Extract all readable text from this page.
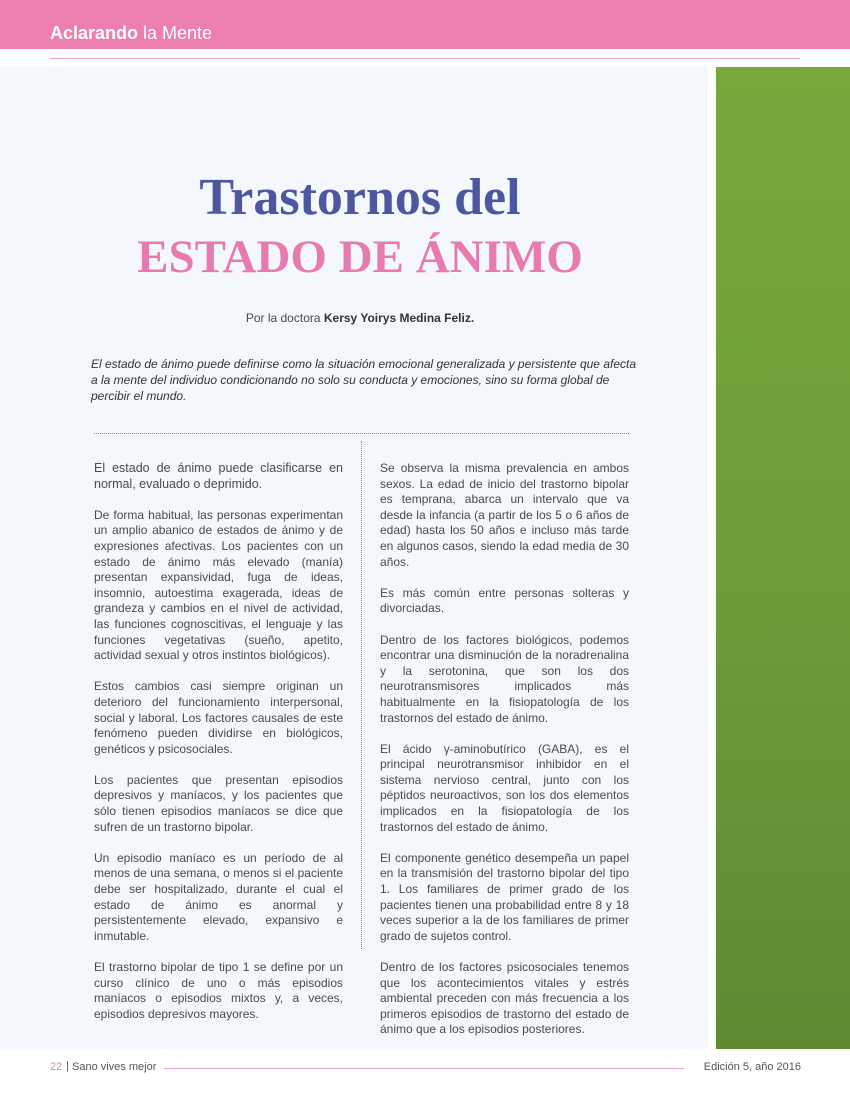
Aclarando la Mente
Trastornos del
ESTADO DE ÁNIMO
Por la doctora Kersy Yoirys Medina Feliz.

El estado de ánimo puede definirse como la situación emocional generalizada y persistente que afecta a la mente del individuo condicionando no solo su conducta y emociones, sino su forma global de percibir el mundo.

El estado de ánimo puede clasificarse en normal, evaluado o deprimido.

De forma habitual, las personas experimentan un amplio abanico de estados de ánimo y de expresiones afectivas. Los pacientes con un estado de ánimo más elevado (manía) presentan expansividad, fuga de ideas, insomnio, autoestima exagerada, ideas de grandeza y cambios en el nivel de actividad, las funciones cognoscitivas, el lenguaje y las funciones vegetativas (sueño, apetito, actividad sexual y otros instintos biológicos).

Estos cambios casi siempre originan un deterioro del funcionamiento interpersonal, social y laboral. Los factores causales de este fenómeno pueden dividirse en biológicos, genéticos y psicosociales.

Los pacientes que presentan episodios depresivos y maníacos, y los pacientes que sólo tienen episodios maníacos se dice que sufren de un trastorno bipolar.

Un episodio maníaco es un período de al menos de una semana, o menos si el paciente debe ser hospitalizado, durante el cual el estado de ánimo es anormal y persistentemente elevado, expansivo e inmutable.

El trastorno bipolar de tipo 1 se define por un curso clínico de uno o más episodios maníacos o episodios mixtos y, a veces, episodios depresivos mayores.

Se observa la misma prevalencia en ambos sexos. La edad de inicio del trastorno bipolar es temprana, abarca un intervalo que va desde la infancia (a partir de los 5 o 6 años de edad) hasta los 50 años e incluso más tarde en algunos casos, siendo la edad media de 30 años.

Es más común entre personas solteras y divorciadas.

Dentro de los factores biológicos, podemos encontrar una disminución de la noradrenalina y la serotonina, que son los dos neurotransmisores implicados más habitualmente en la fisiopatología de los trastornos del estado de ánimo.

El ácido γ-aminobutírico (GABA), es el principal neurotransmisor inhibidor en el sistema nervioso central, junto con los péptidos neuroactivos, son los dos elementos implicados en la fisiopatología de los trastornos del estado de ánimo.

El componente genético desempeña un papel en la transmisión del trastorno bipolar del tipo 1. Los familiares de primer grado de los pacientes tienen una probabilidad entre 8 y 18 veces superior a la de los familiares de primer grado de sujetos control.

Dentro de los factores psicosociales tenemos que los acontecimientos vitales y estrés ambiental preceden con más frecuencia a los primeros episodios de trastorno del estado de ánimo que a los episodios posteriores.

22 | Sano vives mejor	Edición 5, año 2016
